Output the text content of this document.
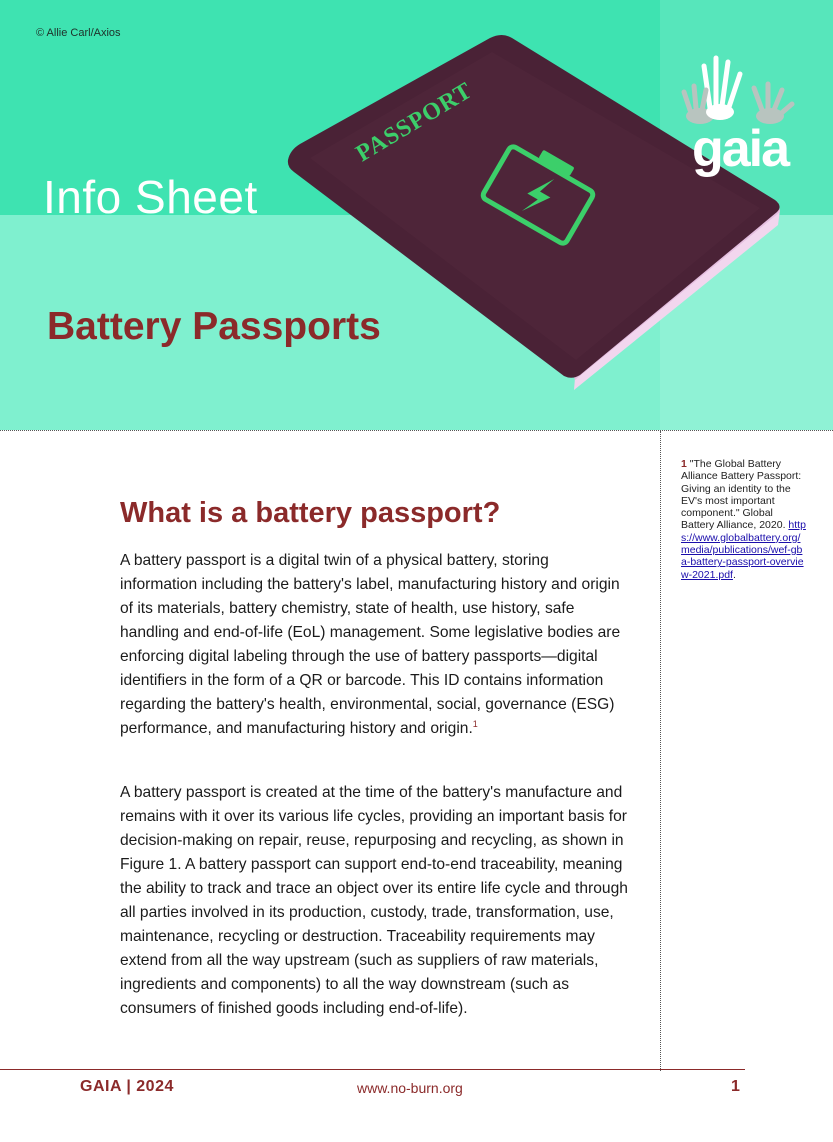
PASSPORT
© Allie Carl/Axios
Info Sheet
Battery Passports
gaia
1 "The Global Battery Alliance Battery Passport: Giving an identity to the EV's most important component." Global Battery Alliance, 2020. https://www.globalbattery.org/media/publications/wef-gba-battery-passport-overview-2021.pdf.
What is a battery passport?

A battery passport is a digital twin of a physical battery, storing information including the battery's label, manufacturing history and origin of its materials, battery chemistry, state of health, use history, safe handling and end-of-life (EoL) management. Some legislative bodies are enforcing digital labeling through the use of battery passports—digital identifiers in the form of a QR or barcode. This ID contains information regarding the battery's health, environmental, social, governance (ESG) performance, and manufacturing history and origin.$^1$

A battery passport is created at the time of the battery's manufacture and remains with it over its various life cycles, providing an important basis for decision-making on repair, reuse, repurposing and recycling, as shown in Figure 1. A battery passport can support end-to-end traceability, meaning the ability to track and trace an object over its entire life cycle and through all parties involved in its production, custody, trade, transformation, use, maintenance, recycling or destruction. Traceability requirements may extend from all the way upstream (such as suppliers of raw materials, ingredients and components) to all the way downstream (such as consumers of finished goods including end-of-life).

GAIA | 2024	www.no-burn.org	1
